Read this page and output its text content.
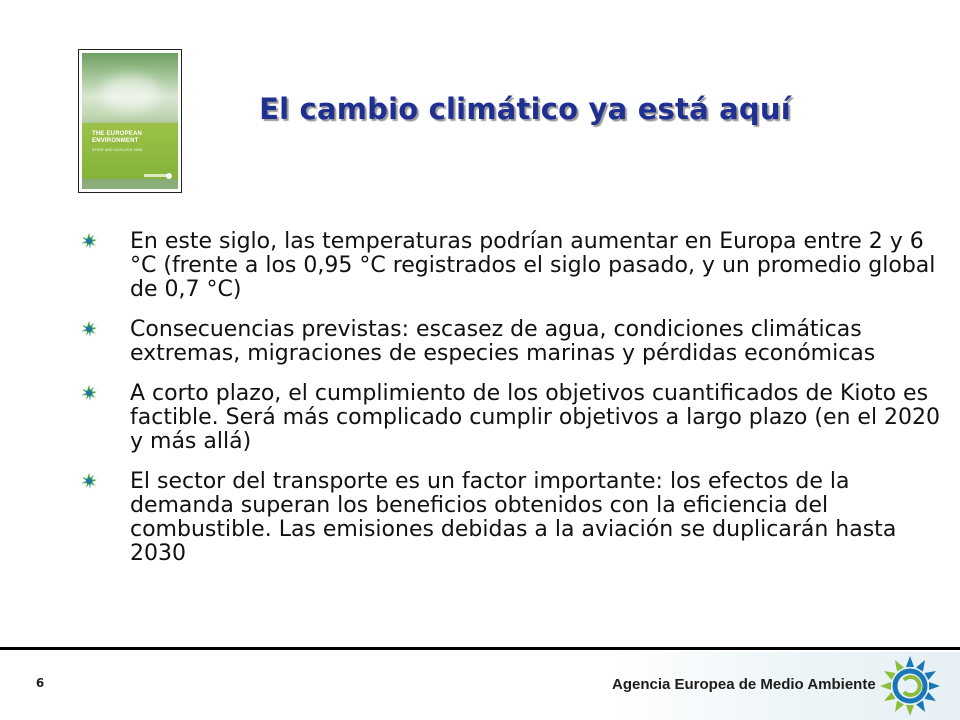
THE EUROPEAN ENVIRONMENT
STATE AND OUTLOOK 2005
El cambio climático ya está aquí
En este siglo, las temperaturas podrían aumentar en Europa entre 2 y 6 °C (frente a los 0,95 °C registrados el siglo pasado, y un promedio global de 0,7 °C)
Consecuencias previstas: escasez de agua, condiciones climáticas extremas, migraciones de especies marinas y pérdidas económicas
A corto plazo, el cumplimiento de los objetivos cuantificados de Kioto es factible. Será más complicado cumplir objetivos a largo plazo (en el 2020 y más allá)
El sector del transporte es un factor importante: los efectos de la demanda superan los beneficios obtenidos con la eficiencia del combustible. Las emisiones debidas a la aviación se duplicarán hasta 2030
6	Agencia Europea de Medio Ambiente
